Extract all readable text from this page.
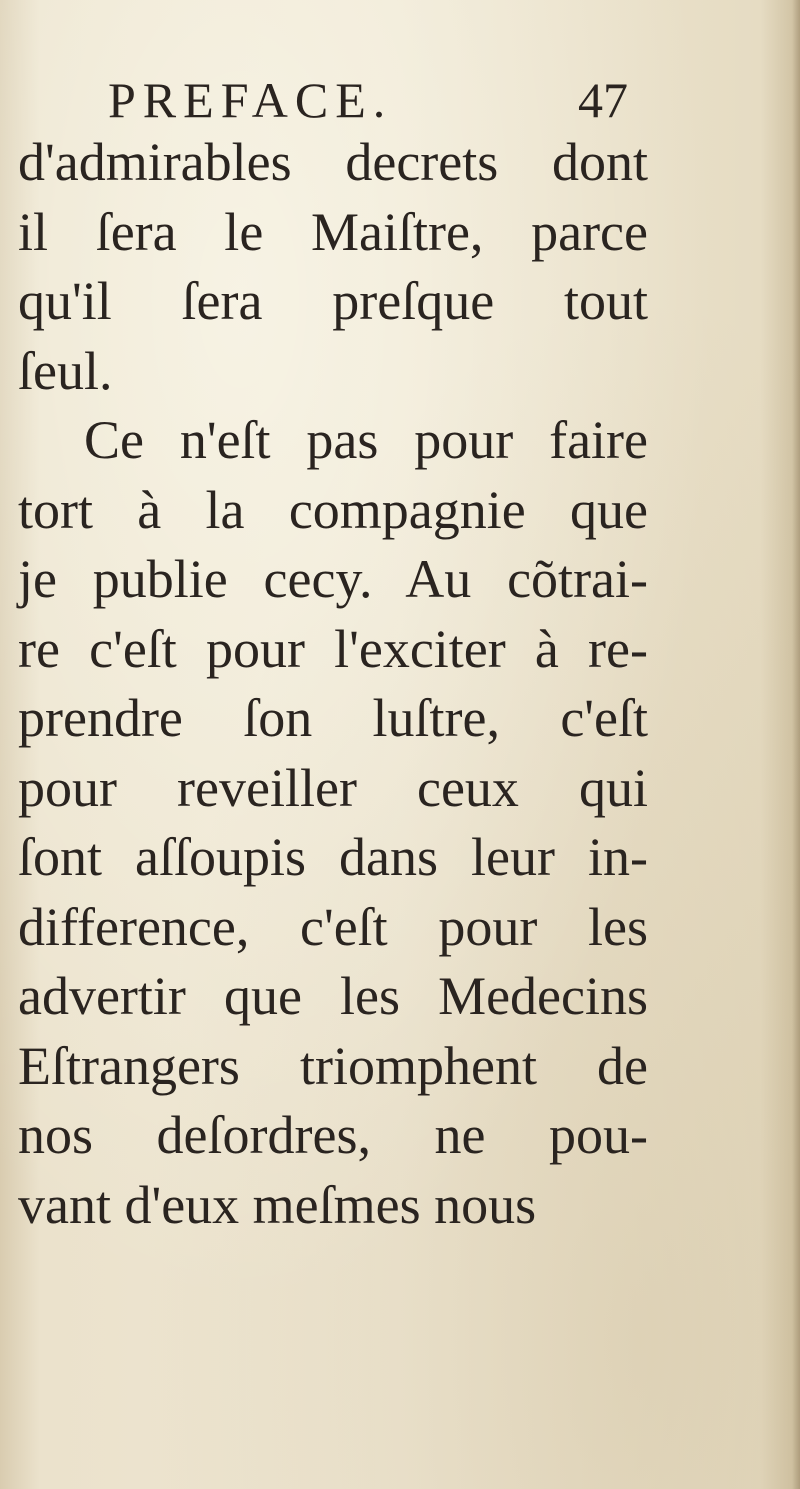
PREFACE.	47
d'admirables decrets dont
il ſera le Maiſtre, parce
qu'il ſera preſque tout
ſeul.
Ce n'eſt pas pour faire
tort à la compagnie que
je publie cecy. Au cõtrai-
re c'eſt pour l'exciter à re-
prendre ſon luſtre, c'eſt
pour reveiller ceux qui
ſont aſſoupis dans leur in-
difference, c'eſt pour les
advertir que les Medecins
Eſtrangers triomphent de
nos deſordres, ne pou-
vant d'eux meſmes nous
